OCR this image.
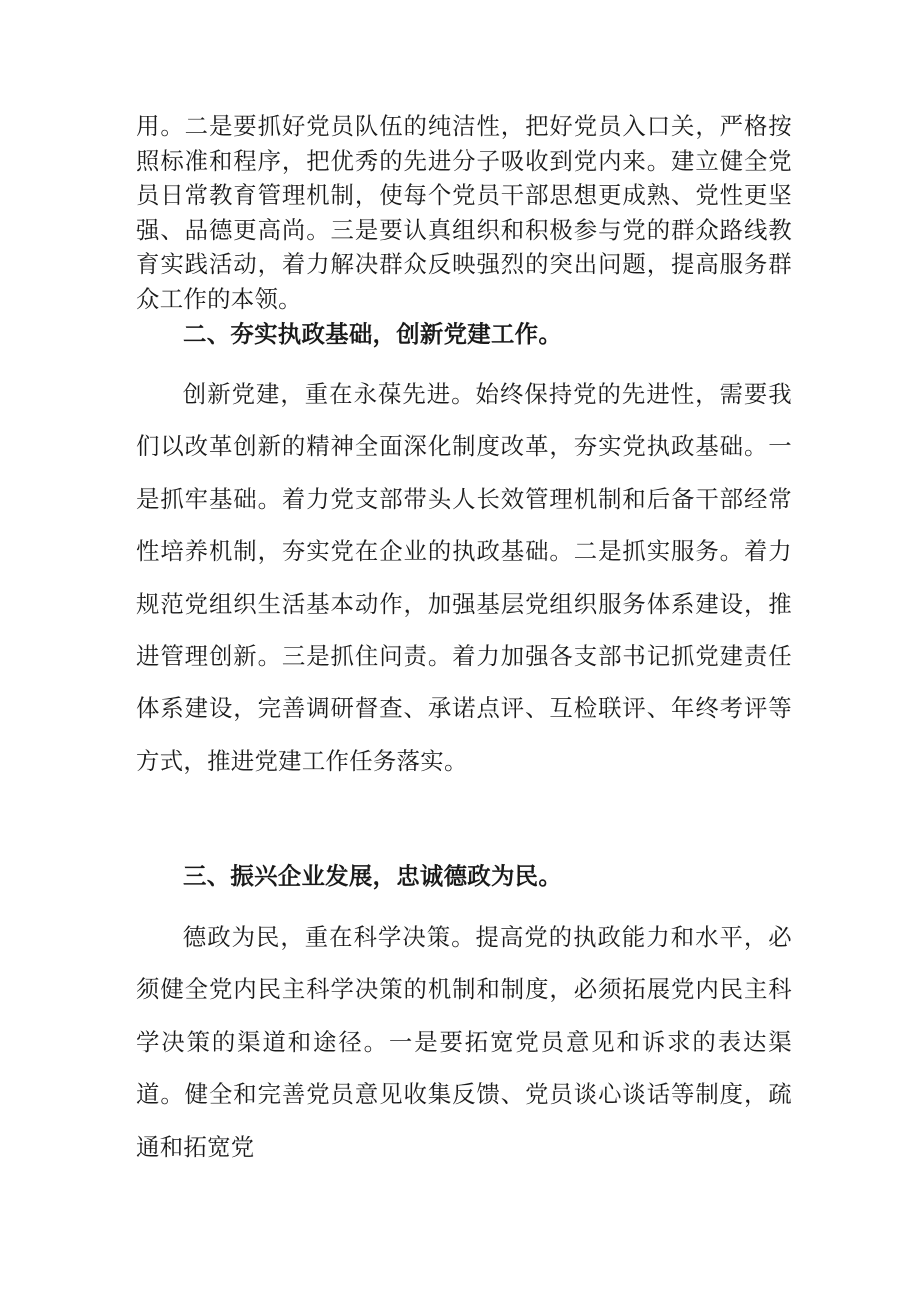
用。二是要抓好党员队伍的纯洁性，把好党员入口关，严格按照标准和程序，把优秀的先进分子吸收到党内来。建立健全党员日常教育管理机制，使每个党员干部思想更成熟、党性更坚强、品德更高尚。三是要认真组织和积极参与党的群众路线教育实践活动，着力解决群众反映强烈的突出问题，提高服务群众工作的本领。

二、夯实执政基础，创新党建工作。

创新党建，重在永葆先进。始终保持党的先进性，需要我们以改革创新的精神全面深化制度改革，夯实党执政基础。一是抓牢基础。着力党支部带头人长效管理机制和后备干部经常性培养机制，夯实党在企业的执政基础。二是抓实服务。着力规范党组织生活基本动作，加强基层党组织服务体系建设，推进管理创新。三是抓住问责。着力加强各支部书记抓党建责任体系建设，完善调研督查、承诺点评、互检联评、年终考评等方式，推进党建工作任务落实。

三、振兴企业发展，忠诚德政为民。

德政为民，重在科学决策。提高党的执政能力和水平，必须健全党内民主科学决策的机制和制度，必须拓展党内民主科学决策的渠道和途径。一是要拓宽党员意见和诉求的表达渠道。健全和完善党员意见收集反馈、党员谈心谈话等制度，疏通和拓宽党
